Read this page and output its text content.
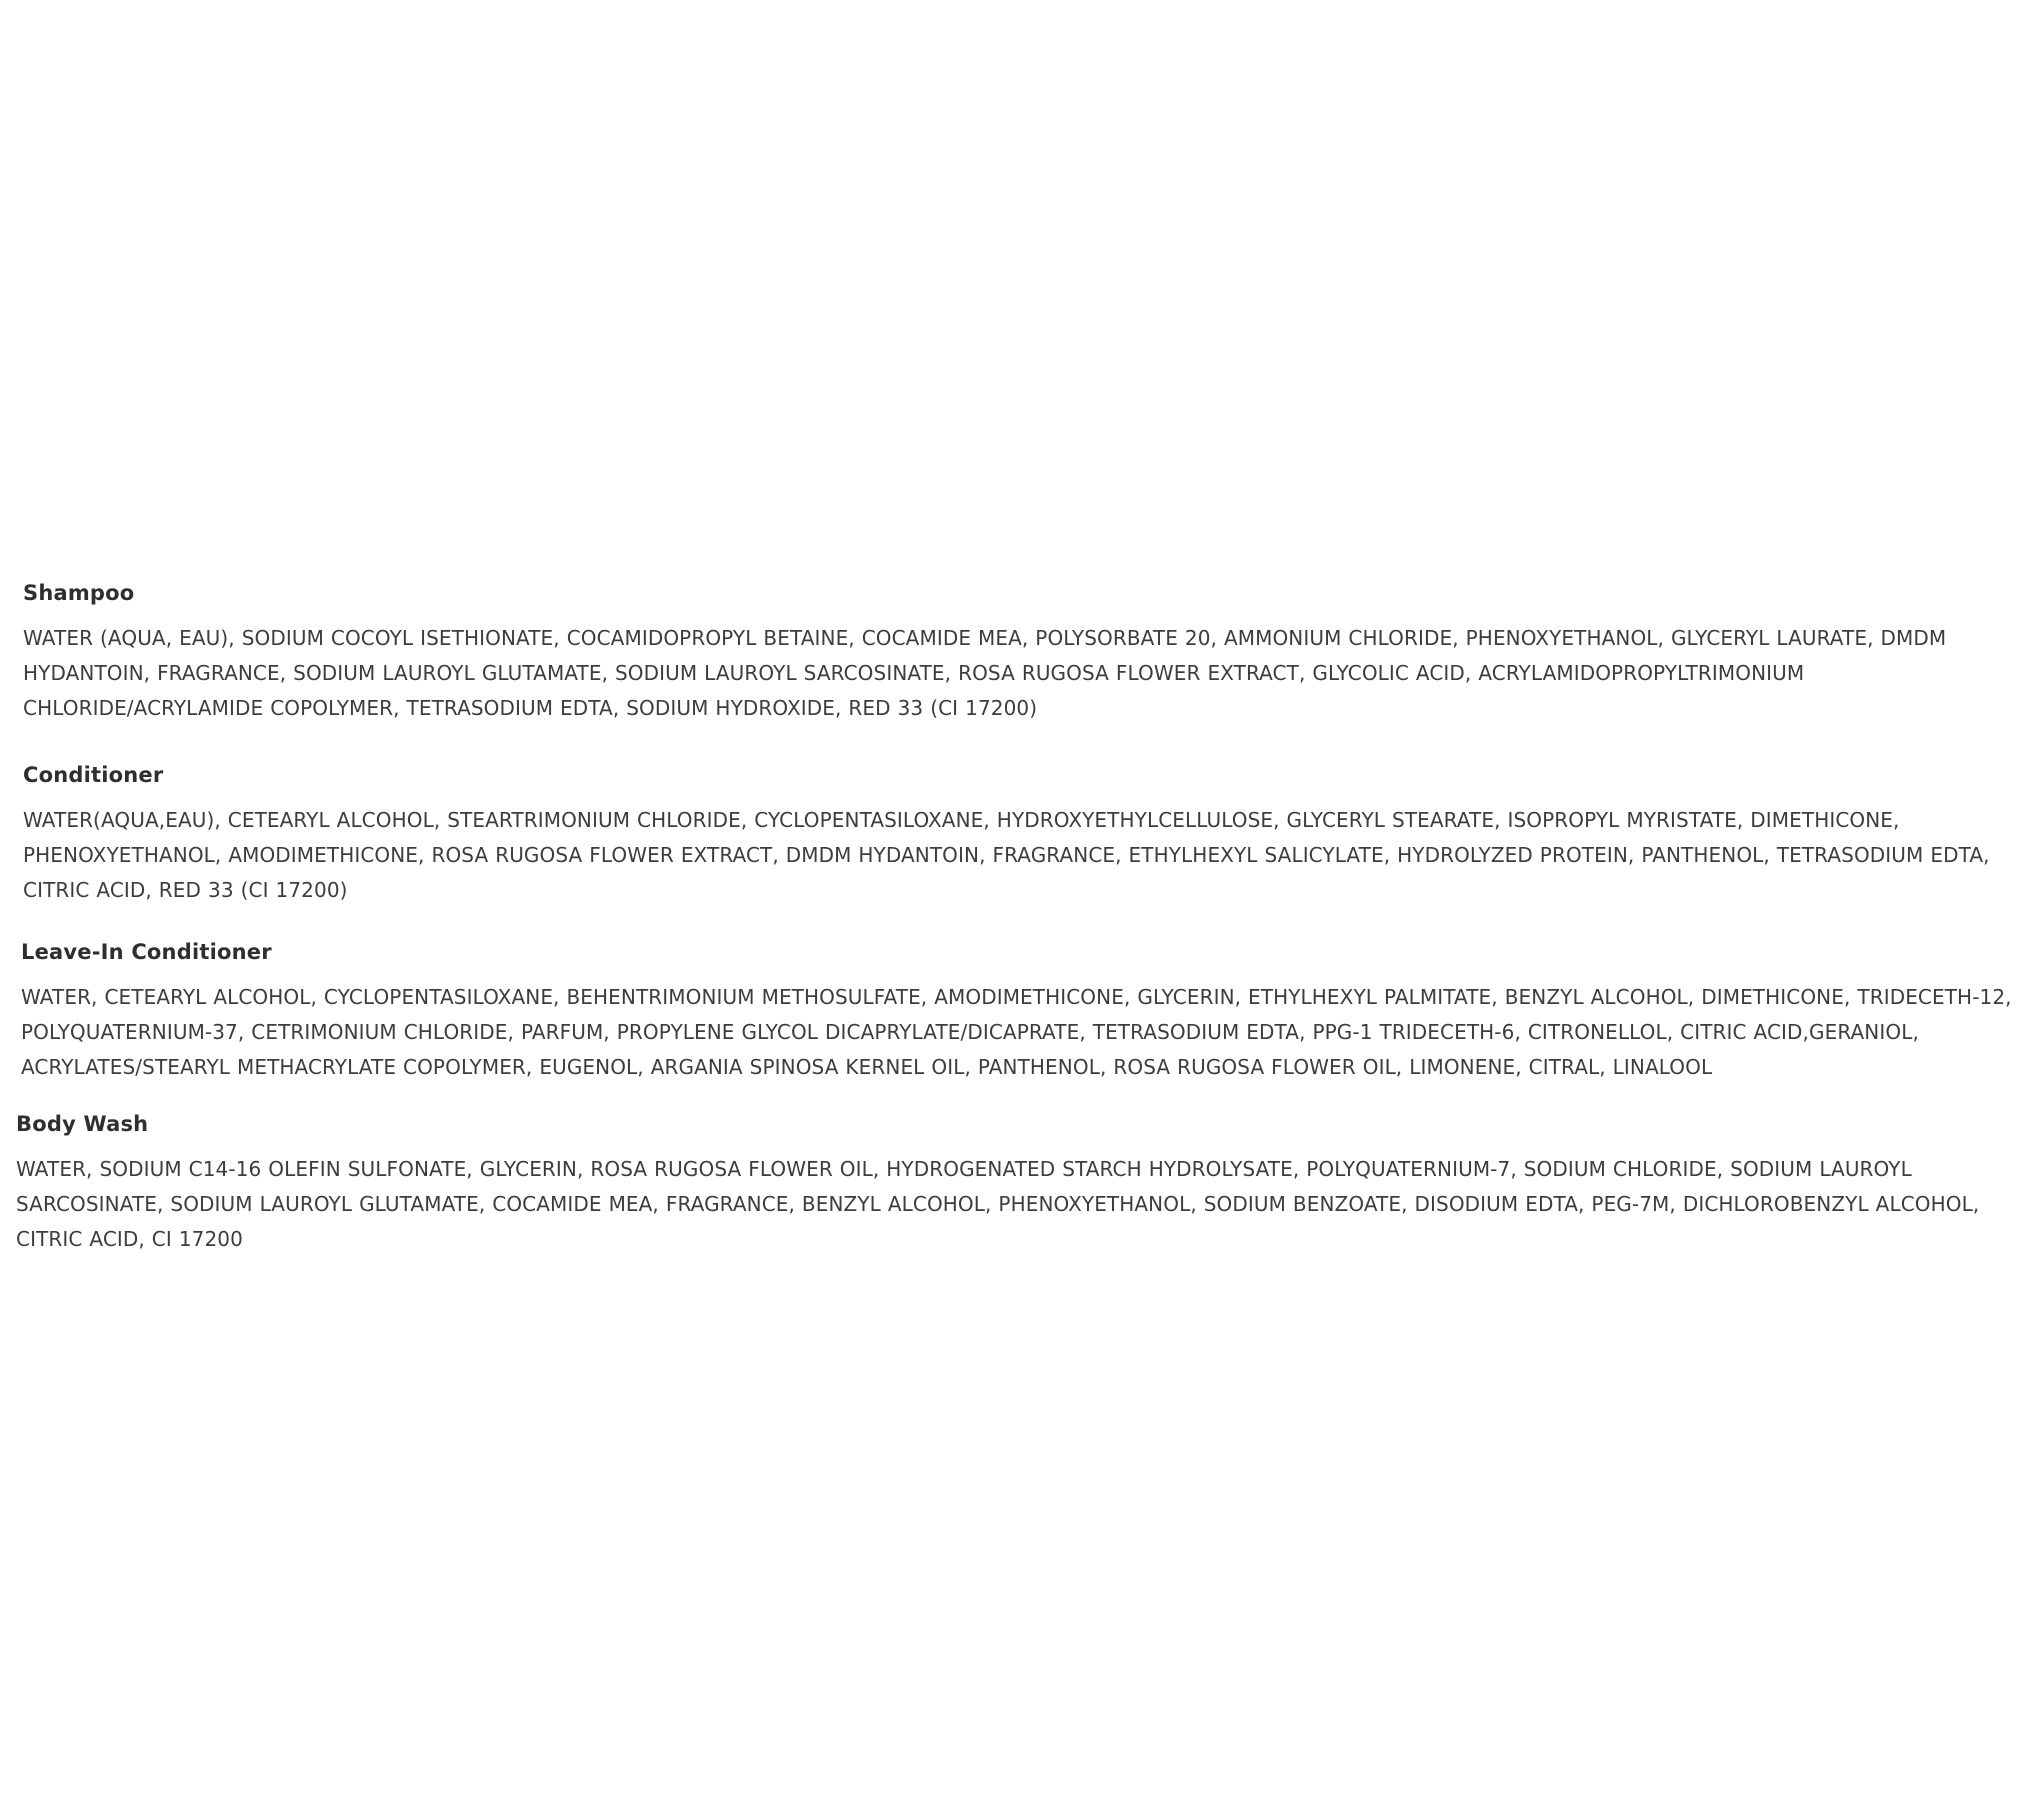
Shampoo

WATER (AQUA, EAU), SODIUM COCOYL ISETHIONATE, COCAMIDOPROPYL BETAINE, COCAMIDE MEA, POLYSORBATE 20, AMMONIUM CHLORIDE, PHENOXYETHANOL, GLYCERYL LAURATE, DMDM HYDANTOIN, FRAGRANCE, SODIUM LAUROYL GLUTAMATE, SODIUM LAUROYL SARCOSINATE, ROSA RUGOSA FLOWER EXTRACT, GLYCOLIC ACID, ACRYLAMIDOPROPYLTRIMONIUM CHLORIDE/ACRYLAMIDE COPOLYMER, TETRASODIUM EDTA, SODIUM HYDROXIDE, RED 33 (CI 17200)

Conditioner

WATER(AQUA,EAU), CETEARYL ALCOHOL, STEARTRIMONIUM CHLORIDE, CYCLOPENTASILOXANE, HYDROXYETHYLCELLULOSE, GLYCERYL STEARATE, ISOPROPYL MYRISTATE, DIMETHICONE, PHENOXYETHANOL, AMODIMETHICONE, ROSA RUGOSA FLOWER EXTRACT, DMDM HYDANTOIN, FRAGRANCE, ETHYLHEXYL SALICYLATE, HYDROLYZED PROTEIN, PANTHENOL, TETRASODIUM EDTA, CITRIC ACID, RED 33 (CI 17200)

Leave-In Conditioner

WATER, CETEARYL ALCOHOL, CYCLOPENTASILOXANE, BEHENTRIMONIUM METHOSULFATE, AMODIMETHICONE, GLYCERIN, ETHYLHEXYL PALMITATE, BENZYL ALCOHOL, DIMETHICONE, TRIDECETH-12, POLYQUATERNIUM-37, CETRIMONIUM CHLORIDE, PARFUM, PROPYLENE GLYCOL DICAPRYLATE/DICAPRATE, TETRASODIUM EDTA, PPG-1 TRIDECETH-6, CITRONELLOL, CITRIC ACID,GERANIOL, ACRYLATES/STEARYL METHACRYLATE COPOLYMER, EUGENOL, ARGANIA SPINOSA KERNEL OIL, PANTHENOL, ROSA RUGOSA FLOWER OIL, LIMONENE, CITRAL, LINALOOL

Body Wash

WATER, SODIUM C14-16 OLEFIN SULFONATE, GLYCERIN, ROSA RUGOSA FLOWER OIL, HYDROGENATED STARCH HYDROLYSATE, POLYQUATERNIUM-7, SODIUM CHLORIDE, SODIUM LAUROYL SARCOSINATE, SODIUM LAUROYL GLUTAMATE, COCAMIDE MEA, FRAGRANCE, BENZYL ALCOHOL, PHENOXYETHANOL, SODIUM BENZOATE, DISODIUM EDTA, PEG-7M, DICHLOROBENZYL ALCOHOL, CITRIC ACID, CI 17200
